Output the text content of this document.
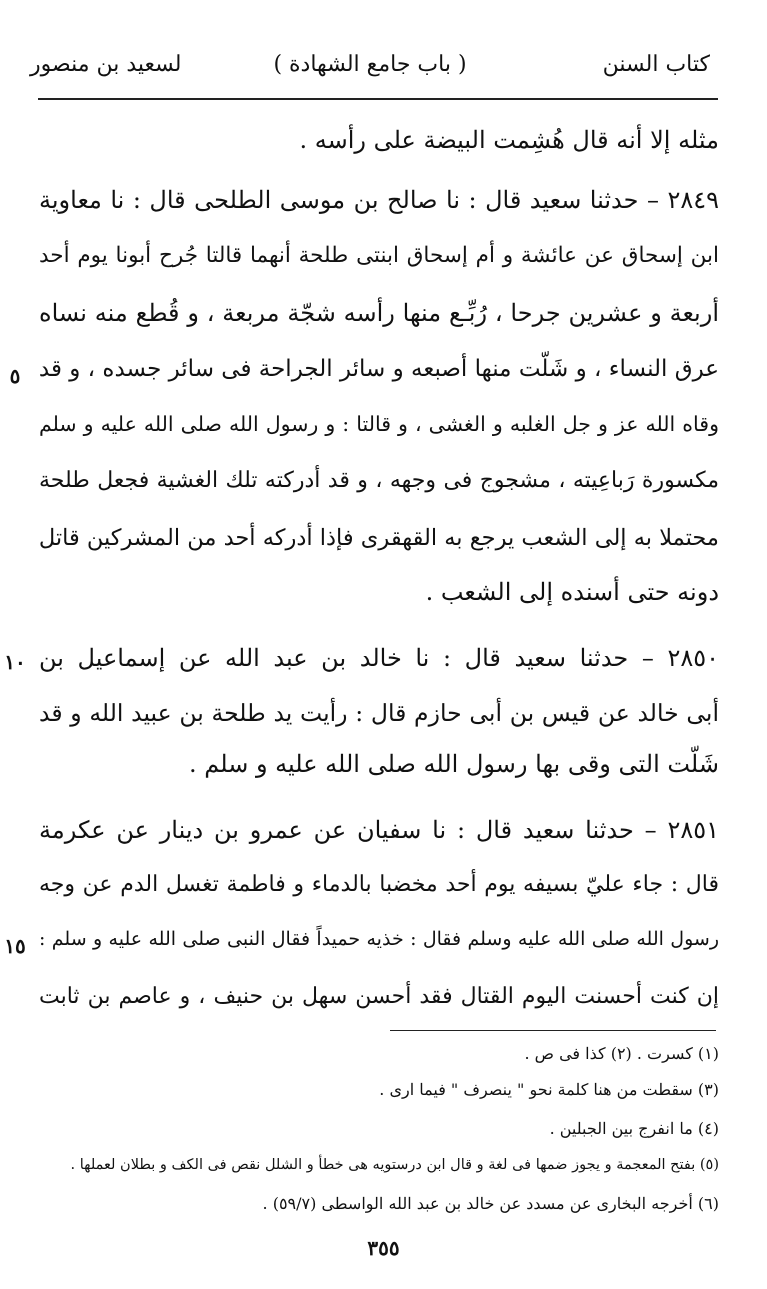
كتاب السنن
( باب جامع الشهادة )
لسعيد بن منصور
مثله إلا أنه قال هُشِمت البيضة على رأسه .
٢٨٤٩ – حدثنا سعيد قال : نا صالح بن موسى الطلحى قال : نا معاوية
ابن إسحاق عن عائشة و أم إسحاق ابنتى طلحة أنهما قالتا جُرح أبونا يوم أحد
أربعة و عشرين جرحا ، رُبِّـع منها رأسه شجّة مربعة ، و قُطع منه نساه
عرق النساء ، و شَلّت منها أصبعه و سائر الجراحة فى سائر جسده ، و قد
وقاه الله عز و جل الغلبه و الغشى ، و قالتا : و رسول الله صلى الله عليه و سلم
مكسورة رَباعِيته ، مشجوج فى وجهه ، و قد أدركته تلك الغشية فجعل طلحة
محتملا به إلى الشعب يرجع به القهقرى فإذا أدركه أحد من المشركين قاتل
دونه حتى أسنده إلى الشعب .
٢٨٥٠ – حدثنا سعيد قال : نا خالد بن عبد الله عن إسماعيل بن
أبى خالد عن قيس بن أبى حازم قال : رأيت يد طلحة بن عبيد الله و قد
شَلّت التى وقى بها رسول الله صلى الله عليه و سلم .
٢٨٥١ – حدثنا سعيد قال : نا سفيان عن عمرو بن دينار عن عكرمة
قال : جاء عليّ بسيفه يوم أحد مخضبا بالدماء و فاطمة تغسل الدم عن وجه
رسول الله صلى الله عليه وسلم فقال : خذيه حميداً فقال النبى صلى الله عليه و سلم :
إن كنت أحسنت اليوم القتال فقد أحسن سهل بن حنيف ، و عاصم بن ثابت
٥
١٠
١٥
(١) كسرت . (٢) كذا فى ص .
(٣) سقطت من هنا كلمة نحو " ينصرف " فيما ارى .
(٤) ما انفرج بين الجبلين .
(٥) بفتح المعجمة و يجوز ضمها فى لغة و قال ابن درستويه هى خطأ و الشلل نقص فى الكف و بطلان لعملها .
(٦) أخرجه البخارى عن مسدد عن خالد بن عبد الله الواسطى (٥٩/٧) .
٣٥٥
